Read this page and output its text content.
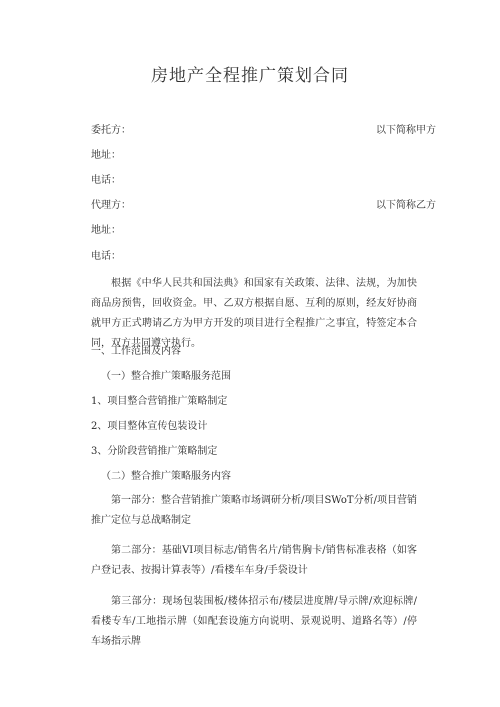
房地产全程推广策划合同
委托方：	以下简称甲方
地址：
电话：
代理方：	以下简称乙方
地址：
电话：
根据《中华人民共和国法典》和国家有关政策、法律、法规，为加快商品房预售，回收资金。甲、乙双方根据自愿、互利的原则，经友好协商就甲方正式聘请乙方为甲方开发的项目进行全程推广之事宜，特签定本合同，双方共同遵守执行。
一、工作范围及内容
（一）整合推广策略服务范围
1、项目整合营销推广策略制定
2、项目整体宣传包装设计
3、分阶段营销推广策略制定
（二）整合推广策略服务内容
第一部分：整合营销推广策略市场调研分析/项目SWoT分析/项目营销推广定位与总战略制定
第二部分：基础VI项目标志/销售名片/销售胸卡/销售标准表格（如客户登记表、按揭计算表等）/看楼车车身/手袋设计
第三部分：现场包装围板/楼体招示布/楼层进度牌/导示牌/欢迎标牌/看楼专车/工地指示牌（如配套设施方向说明、景观说明、道路名等）/停车场指示牌
